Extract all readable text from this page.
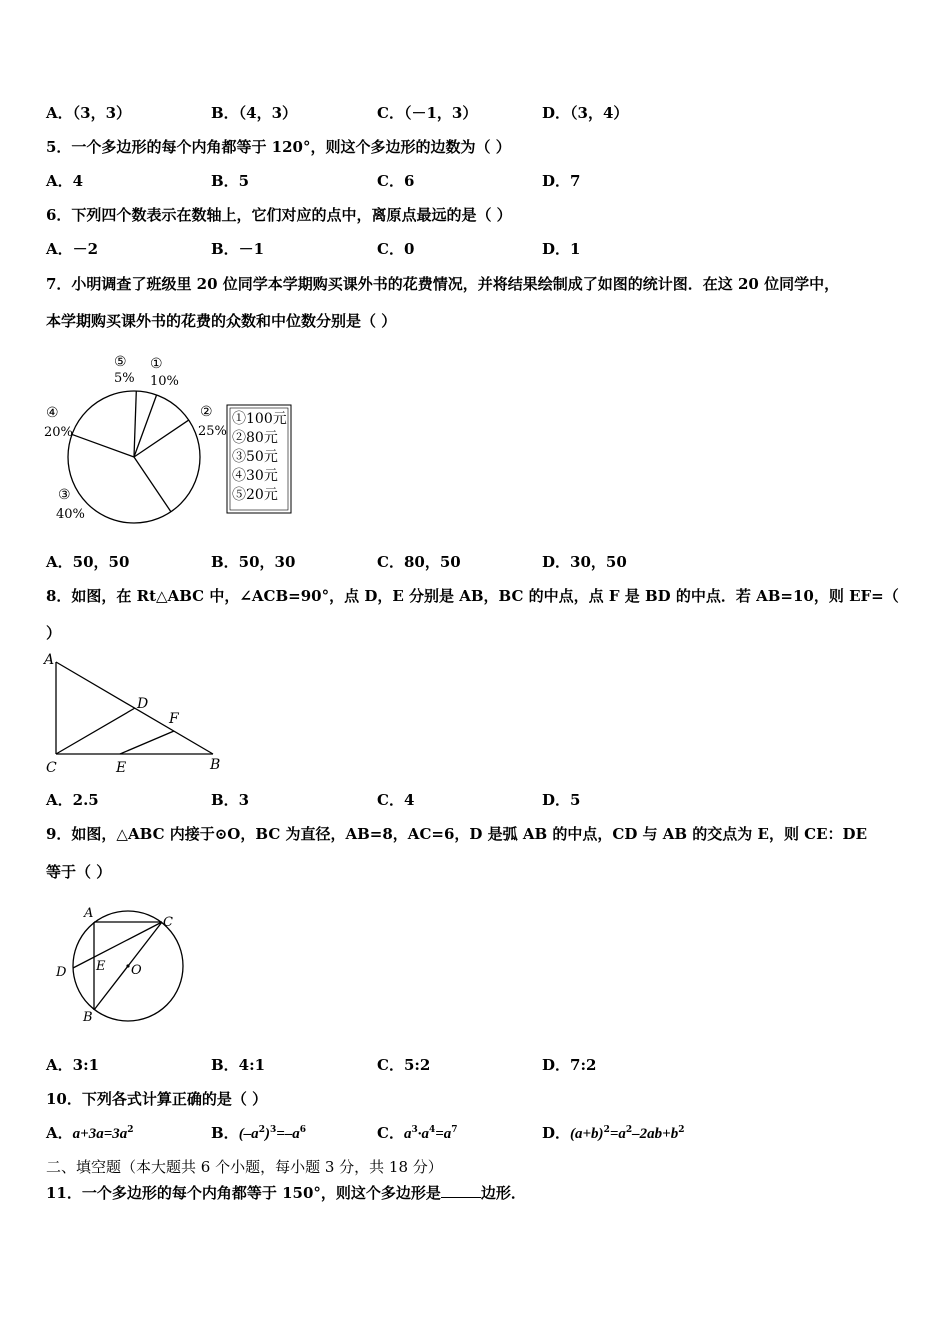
A．（3，3）	B．（4，3）	C．（－1，3）	D．（3，4）
5．一个多边形的每个内角都等于 120°，则这个多边形的边数为（ ）
A．4	B．5	C．6	D．7
6．下列四个数表示在数轴上，它们对应的点中，离原点最远的是（ ）
A．－2	B．－1	C．0	D．1
7．小明调查了班级里 20 位同学本学期购买课外书的花费情况，并将结果绘制成了如图的统计图．在这 20 位同学中，
本学期购买课外书的花费的众数和中位数分别是（ ）
⑤
5%
①
10%
④
20%
②
25%
③
40%
①100元
②80元
③50元
④30元
⑤20元
A．50，50	B．50，30	C．80，50	D．30，50
8．如图，在 Rt△ABC 中，∠ACB=90°，点 D，E 分别是 AB，BC 的中点，点 F 是 BD 的中点．若 AB=10，则 EF=（
）
A
D
F
C	E	B
A．2.5	B．3	C．4	D．5
9．如图，△ABC 内接于⊙O，BC 为直径，AB=8，AC=6，D 是弧 AB 的中点，CD 与 AB 的交点为 E，则 CE：DE
等于（ ）
A
C
D E O
B
A．3:1	B．4:1	C．5:2	D．7:2
10．下列各式计算正确的是（ ）
A．$a+3a=3a^2$	B．$(-a^2)^3=-a^6$	C．$a^3\cdot a^4=a^7$	D．$(a+b)^2=a^2-2ab+b^2$
二、填空题（本大题共 6 个小题，每小题 3 分，共 18 分）
11．一个多边形的每个内角都等于 150°，则这个多边形是	边形．
